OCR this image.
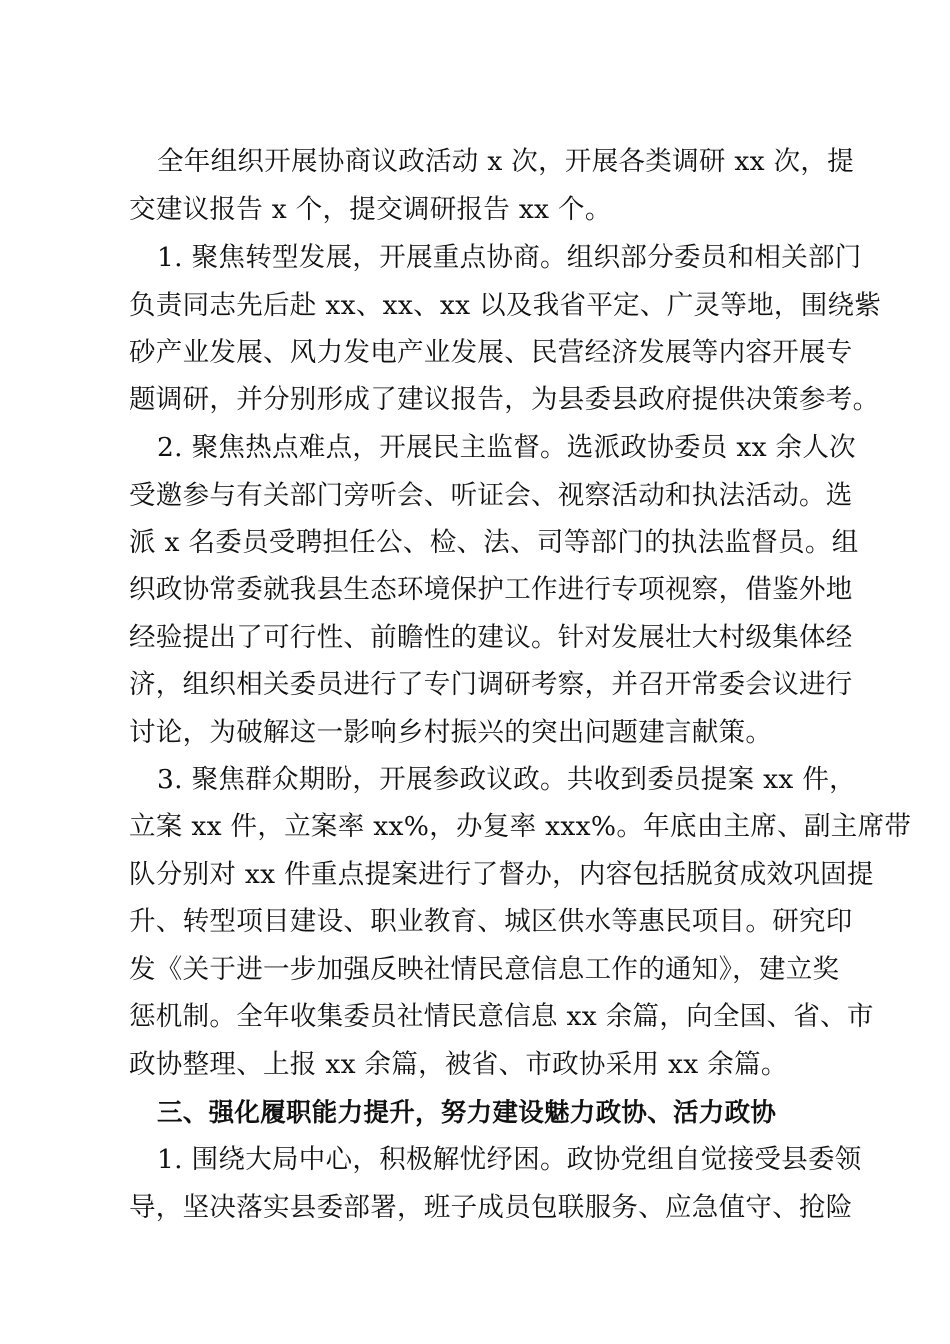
全年组织开展协商议政活动 x 次，开展各类调研 xx 次，提
交建议报告 x 个，提交调研报告 xx 个。
1. 聚焦转型发展，开展重点协商。组织部分委员和相关部门
负责同志先后赴 xx、xx、xx 以及我省平定、广灵等地，围绕紫
砂产业发展、风力发电产业发展、民营经济发展等内容开展专
题调研，并分别形成了建议报告，为县委县政府提供决策参考。
2. 聚焦热点难点，开展民主监督。选派政协委员 xx 余人次
受邀参与有关部门旁听会、听证会、视察活动和执法活动。选
派 x 名委员受聘担任公、检、法、司等部门的执法监督员。组
织政协常委就我县生态环境保护工作进行专项视察，借鉴外地
经验提出了可行性、前瞻性的建议。针对发展壮大村级集体经
济，组织相关委员进行了专门调研考察，并召开常委会议进行
讨论，为破解这一影响乡村振兴的突出问题建言献策。
3. 聚焦群众期盼，开展参政议政。共收到委员提案 xx 件，
立案 xx 件，立案率 xx%，办复率 xxx%。年底由主席、副主席带
队分别对 xx 件重点提案进行了督办，内容包括脱贫成效巩固提
升、转型项目建设、职业教育、城区供水等惠民项目。研究印
发《关于进一步加强反映社情民意信息工作的通知》，建立奖
惩机制。全年收集委员社情民意信息 xx 余篇，向全国、省、市
政协整理、上报 xx 余篇，被省、市政协采用 xx 余篇。
三、强化履职能力提升，努力建设魅力政协、活力政协
1. 围绕大局中心，积极解忧纾困。政协党组自觉接受县委领
导，坚决落实县委部署，班子成员包联服务、应急值守、抢险
